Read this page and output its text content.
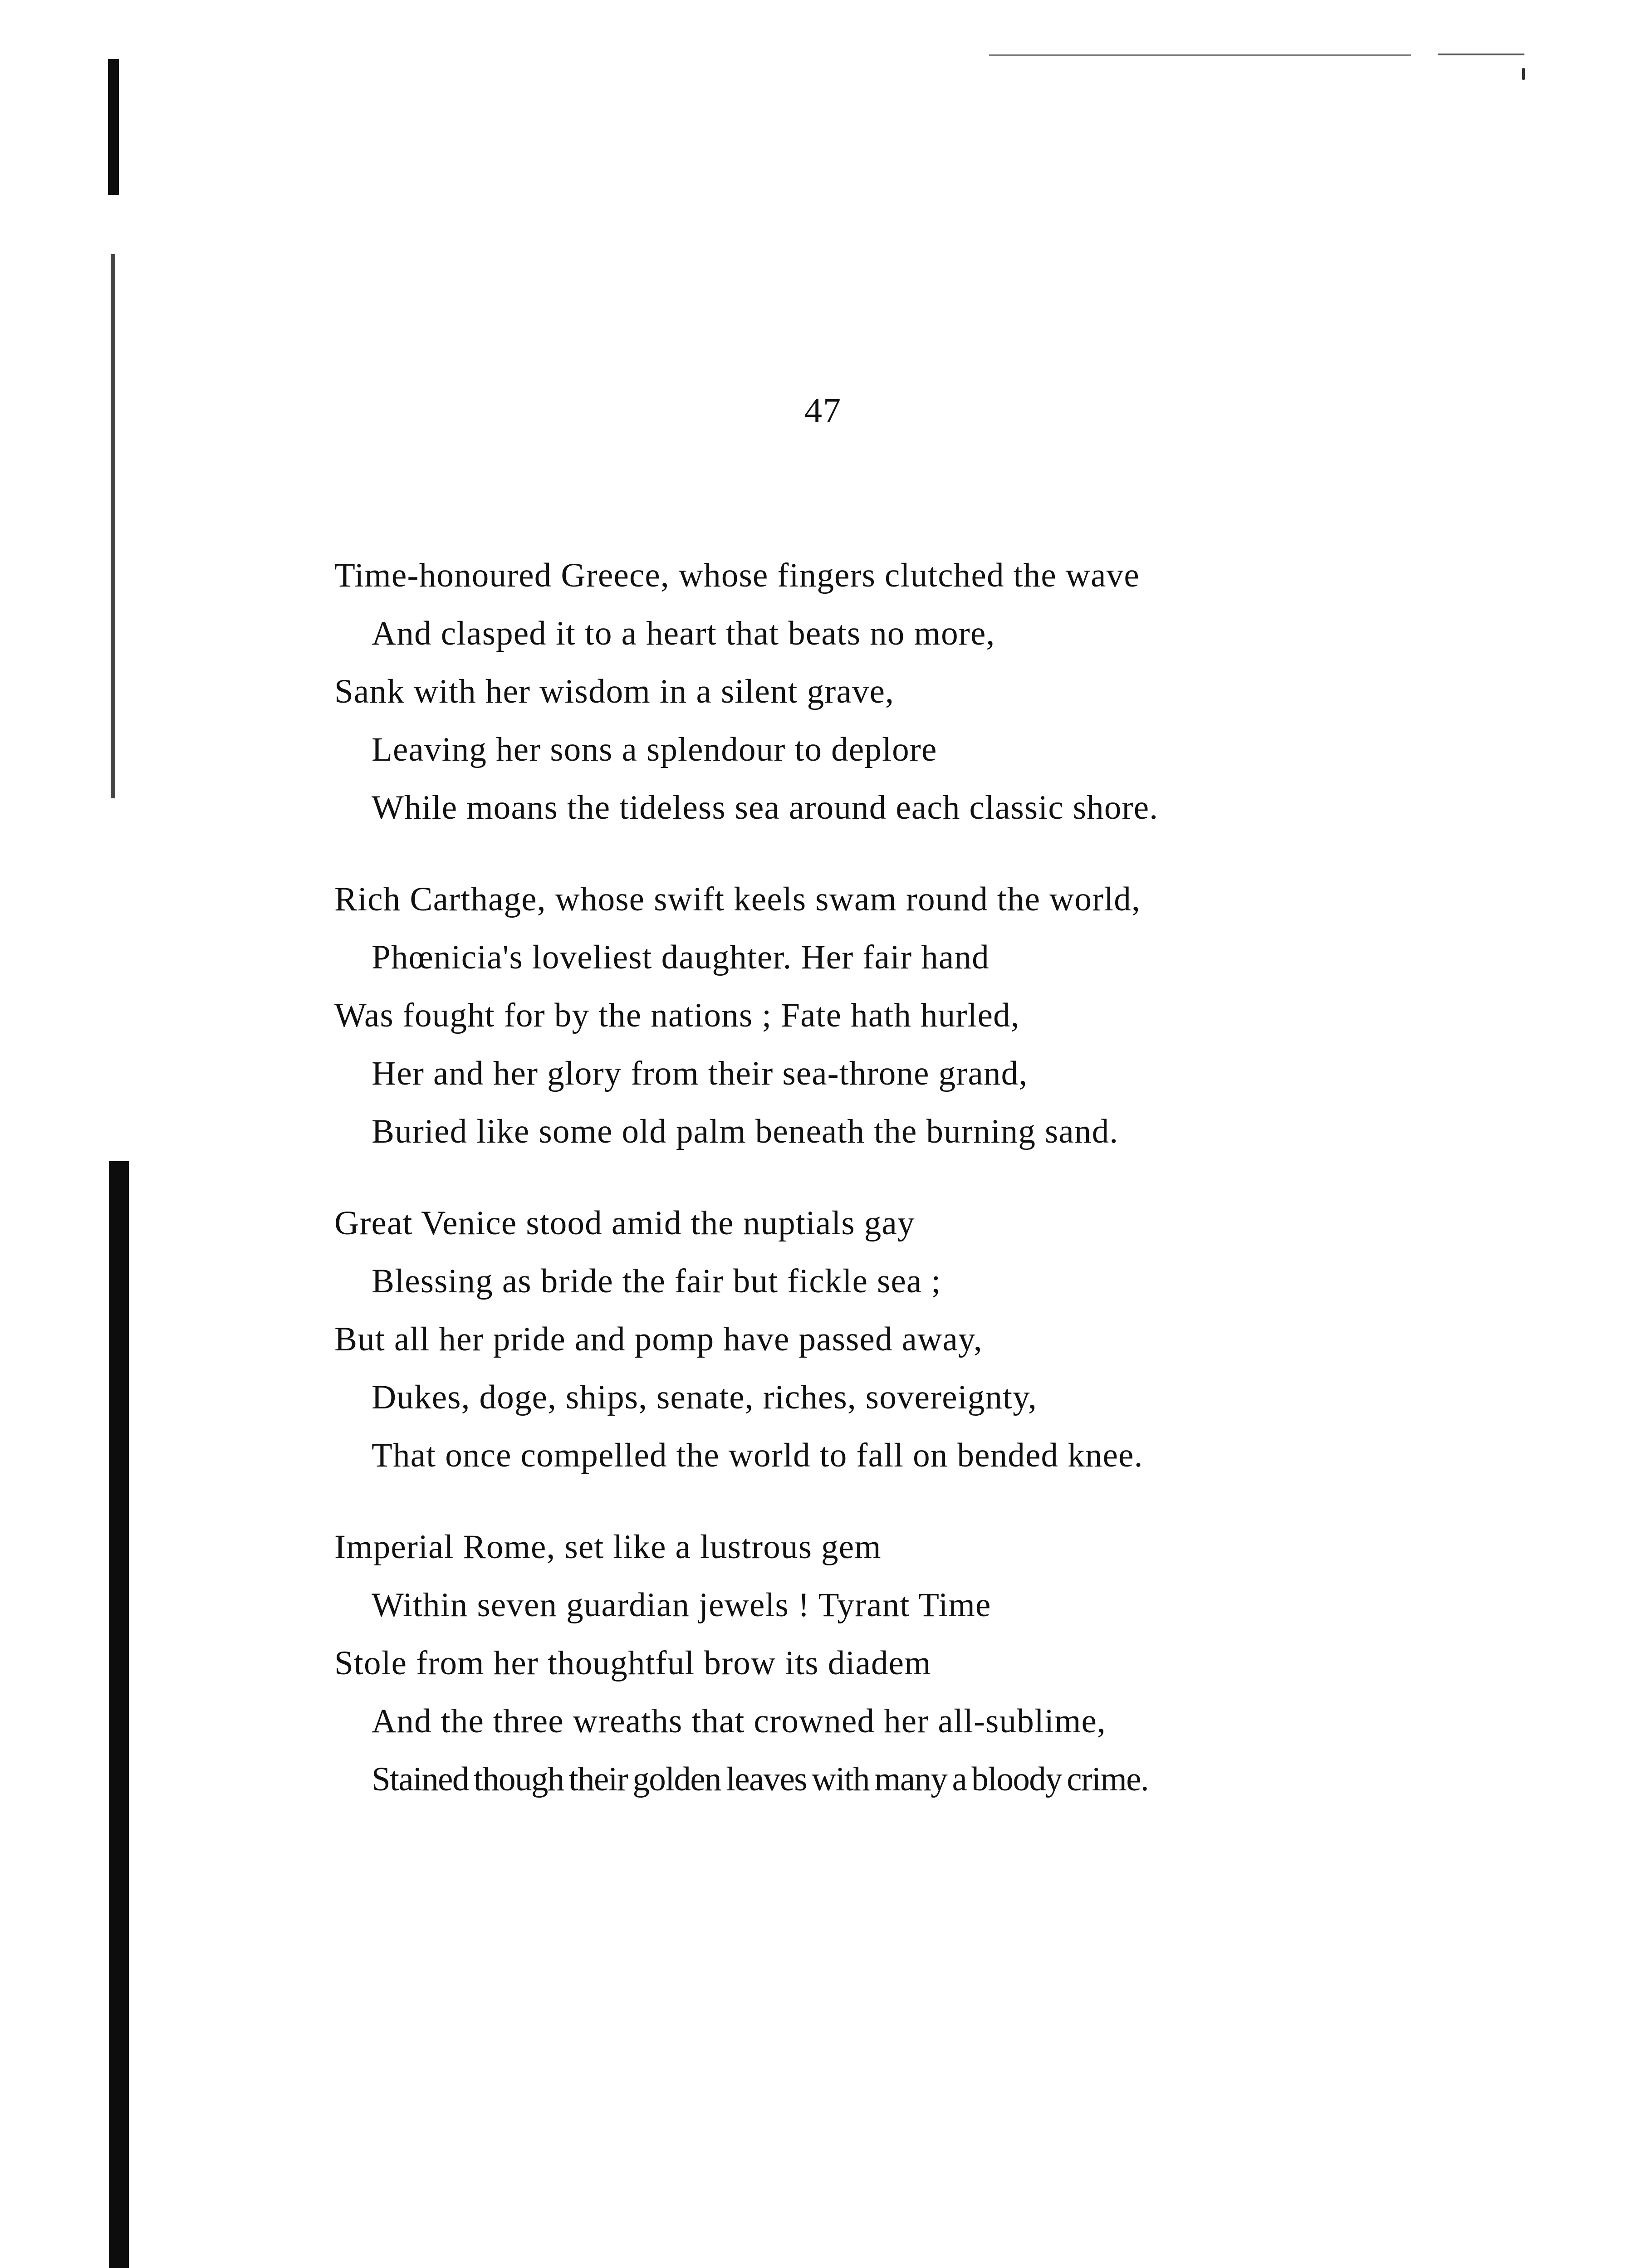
47
Time-honoured Greece, whose fingers clutched the wave
And clasped it to a heart that beats no more,
Sank with her wisdom in a silent grave,
Leaving her sons a splendour to deplore
While moans the tideless sea around each classic shore.
Rich Carthage, whose swift keels swam round the world,
Phœnicia's loveliest daughter. Her fair hand
Was fought for by the nations ; Fate hath hurled,
Her and her glory from their sea-throne grand,
Buried like some old palm beneath the burning sand.
Great Venice stood amid the nuptials gay
Blessing as bride the fair but fickle sea ;
But all her pride and pomp have passed away,
Dukes, doge, ships, senate, riches, sovereignty,
That once compelled the world to fall on bended knee.
Imperial Rome, set like a lustrous gem
Within seven guardian jewels ! Tyrant Time
Stole from her thoughtful brow its diadem
And the three wreaths that crowned her all-sublime,
Stained though their golden leaves with many a bloody crime.
